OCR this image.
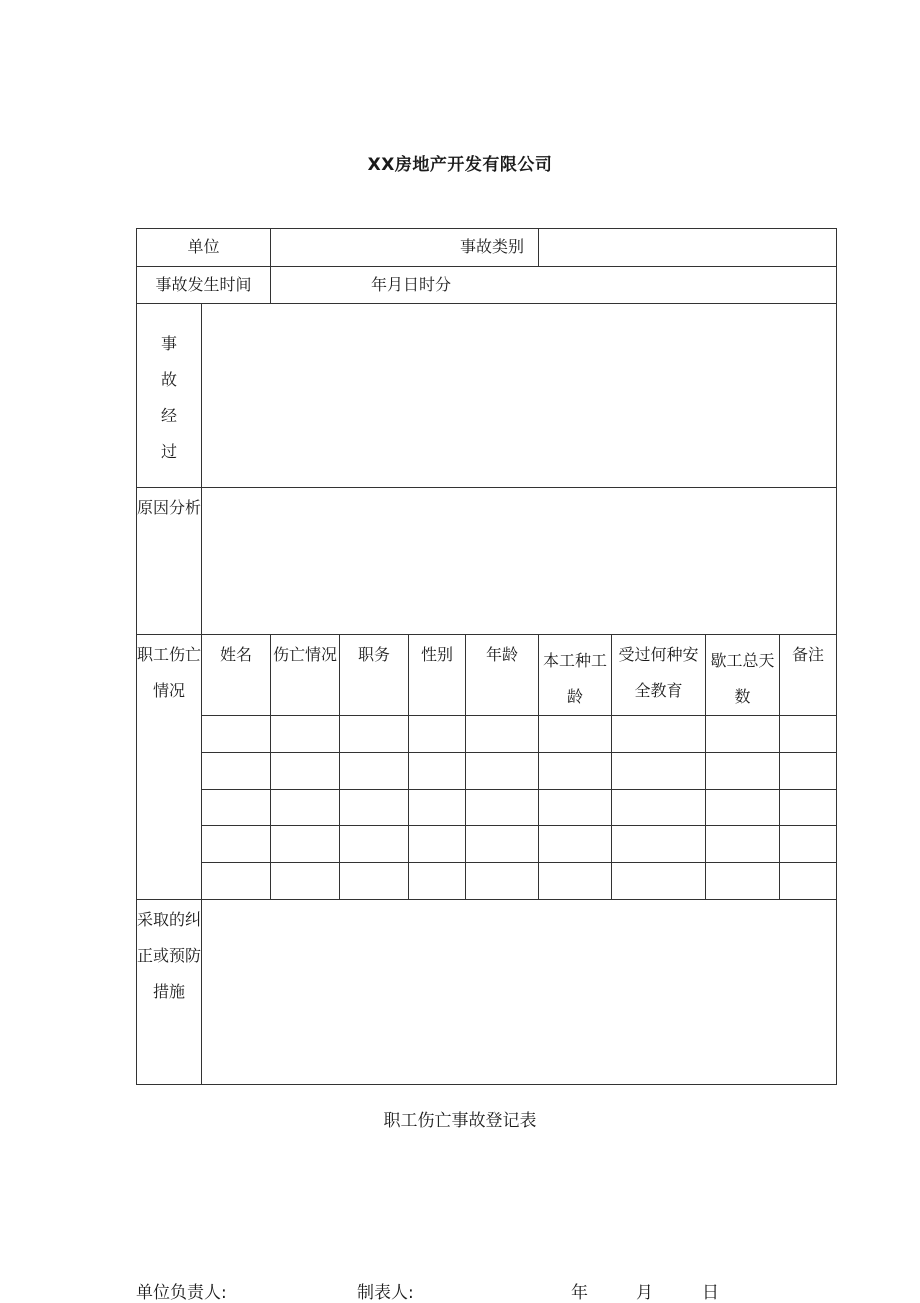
XX房地产开发有限公司
单位		事故类别							
事故发生时间		年月日时分							
事
故
经
过									
原因分析									
职工伤亡情况	姓名	伤亡情况	职务	性别	年龄	本工种工龄	受过何种安全教育	歇工总天数	备注

采取的纠正或预防措施									
职工伤亡事故登记表
单位负责人:	制表人:	年	月	日
